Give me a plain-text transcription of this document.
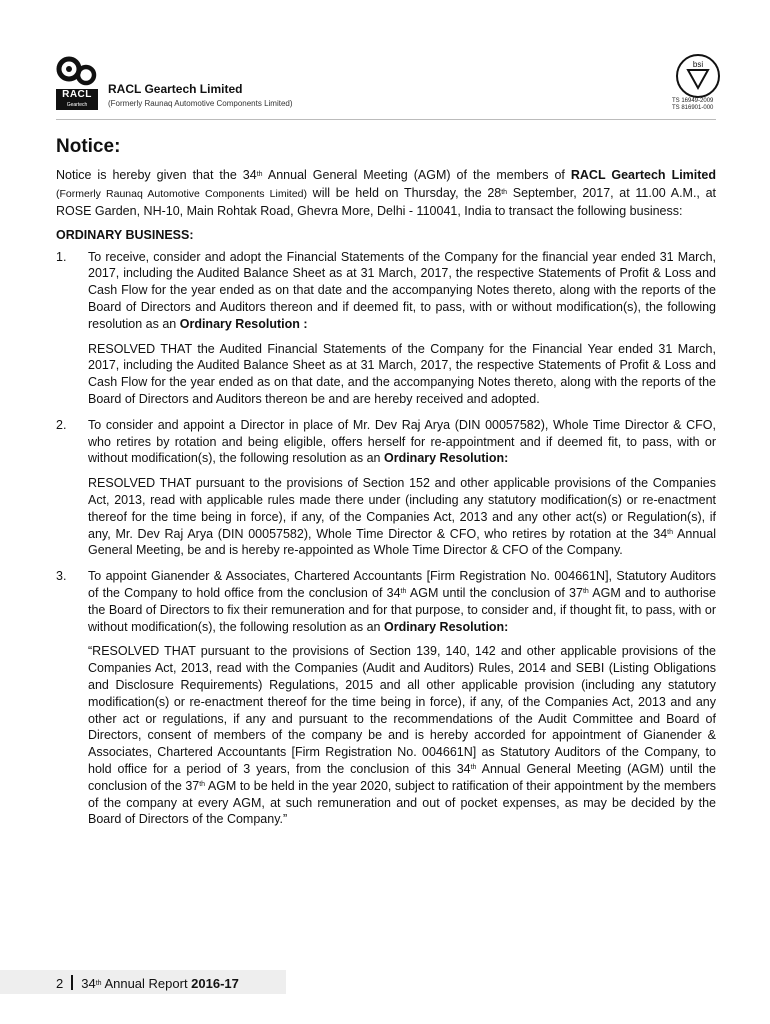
RACL
Geartech
RACL Geartech Limited
(Formerly Raunaq Automotive Components Limited)
bsi
TS 16949-2009
TS 816901-000
Notice:

Notice is hereby given that the 34th Annual General Meeting (AGM) of the members of RACL Geartech Limited (Formerly Raunaq Automotive Components Limited) will be held on Thursday, the 28th September, 2017, at 11.00 A.M., at ROSE Garden, NH-10, Main Rohtak Road, Ghevra More, Delhi - 110041, India to transact the following business:

ORDINARY BUSINESS:
1.	To receive, consider and adopt the Financial Statements of the Company for the financial year ended 31 March, 2017, including the Audited Balance Sheet as at 31 March, 2017, the respective Statements of Profit & Loss and Cash Flow for the year ended as on that date and the accompanying Notes thereto, along with the reports of the Board of Directors and Auditors thereon and if deemed fit, to pass, with or without modification(s), the following resolution as an Ordinary Resolution :

RESOLVED THAT the Audited Financial Statements of the Company for the Financial Year ended 31 March, 2017, including the Audited Balance Sheet as at 31 March, 2017, the respective Statements of Profit & Loss and Cash Flow for the year ended as on that date, and the accompanying Notes thereto, along with the reports of the Board of Directors and Auditors thereon be and are hereby received and adopted.

2.	To consider and appoint a Director in place of Mr. Dev Raj Arya (DIN 00057582), Whole Time Director & CFO, who retires by rotation and being eligible, offers herself for re-appointment and if deemed fit, to pass, with or without modification(s), the following resolution as an Ordinary Resolution:

RESOLVED THAT pursuant to the provisions of Section 152 and other applicable provisions of the Companies Act, 2013, read with applicable rules made there under (including any statutory modification(s) or re-enactment thereof for the time being in force), if any, of the Companies Act, 2013 and any other act(s) or Regulation(s), if any, Mr. Dev Raj Arya (DIN 00057582), Whole Time Director & CFO, who retires by rotation at the 34th Annual General Meeting, be and is hereby re-appointed as Whole Time Director & CFO of the Company.

3.	To appoint Gianender & Associates, Chartered Accountants [Firm Registration No. 004661N], Statutory Auditors of the Company to hold office from the conclusion of 34th AGM until the conclusion of 37th AGM and to authorise the Board of Directors to fix their remuneration and for that purpose, to consider and, if thought fit, to pass, with or without modification(s), the following resolution as an Ordinary Resolution:

“RESOLVED THAT pursuant to the provisions of Section 139, 140, 142 and other applicable provisions of the Companies Act, 2013, read with the Companies (Audit and Auditors) Rules, 2014 and SEBI (Listing Obligations and Disclosure Requirements) Regulations, 2015 and all other applicable provision (including any statutory modification(s) or re-enactment thereof for the time being in force), if any, of the Companies Act, 2013 and any other act or regulations, if any and pursuant to the recommendations of the Audit Committee and Board of Directors, consent of members of the company be and is hereby accorded for appointment of Gianender & Associates, Chartered Accountants [Firm Registration No. 004661N] as Statutory Auditors of the Company, to hold office for a period of 3 years, from the conclusion of this 34th Annual General Meeting (AGM) until the conclusion of the 37th AGM to be held in the year 2020, subject to ratification of their appointment by the members of the company at every AGM, at such remuneration and out of pocket expenses, as may be decided by the Board of Directors of the Company.”

2 34th Annual Report 2016-17
